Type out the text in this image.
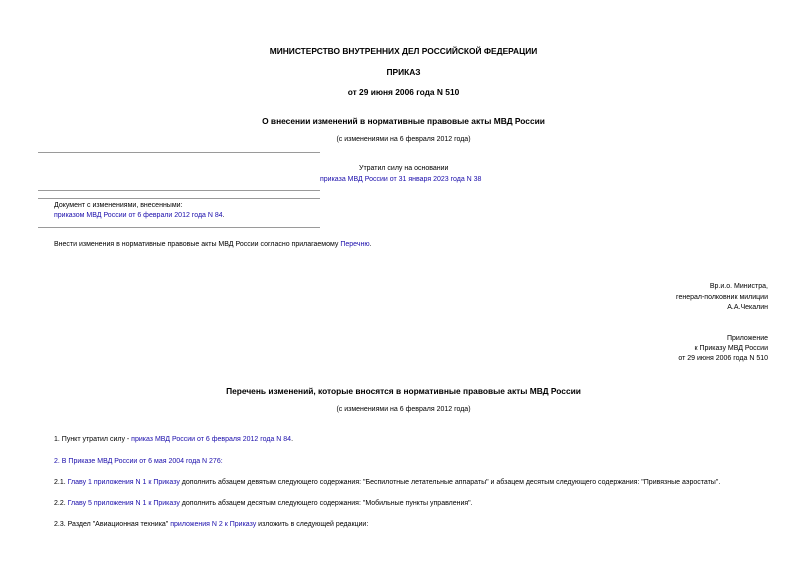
МИНИСТЕРСТВО ВНУТРЕННИХ ДЕЛ РОССИЙСКОЙ ФЕДЕРАЦИИ
ПРИКАЗ
от 29 июня 2006 года N 510
О внесении изменений в нормативные правовые акты МВД России
(с изменениями на 6 февраля 2012 года)
Утратил силу на основании
приказа МВД России от 31 января 2023 года N 38
Документ с изменениями, внесенными:
приказом МВД России от 6 феврали 2012 года N 84.
Внести изменения в нормативные правовые акты МВД России согласно прилагаемому Перечню.
Вр.и.о. Министра,
генерал-полковник милиции
А.А.Чекалин
Приложение
к Приказу МВД России
от 29 июня 2006 года N 510
Перечень изменений, которые вносятся в нормативные правовые акты МВД России
(с изменениями на 6 февраля 2012 года)
1. Пункт утратил силу - приказ МВД России от 6 февраля 2012 года N 84.
2. В Приказе МВД России от 6 мая 2004 года N 276:
2.1. Главу 1 приложения N 1 к Приказу дополнить абзацем девятым следующего содержания: "Беспилотные летательные аппараты" и абзацем десятым следующего содержания: "Привязные аэростаты".
2.2. Главу 5 приложения N 1 к Приказу дополнить абзацем десятым следующего содержания: "Мобильные пункты управления".
2.3. Раздел "Авиационная техника" приложения N 2 к Приказу изложить в следующей редакции:
